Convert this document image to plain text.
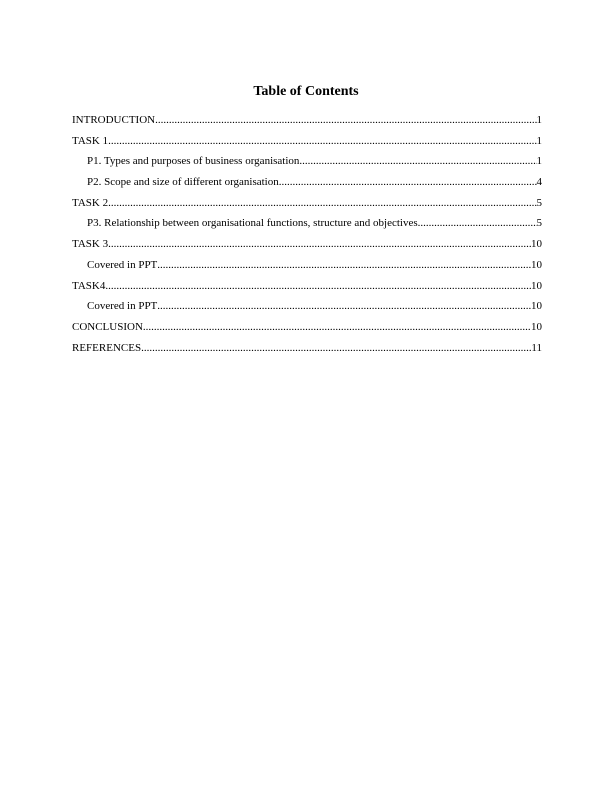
Table of Contents
INTRODUCTION .....	1
TASK 1 .....	1
P1. Types and purposes of business organisation .....	1
P2. Scope and size of different organisation .....	4
TASK 2 .....	5
P3. Relationship between organisational functions, structure and objectives .....	5
TASK 3 .....	10
Covered in PPT .....	10
TASK4 .....	10
Covered in PPT .....	10
CONCLUSION .....	10
REFERENCES .....	11
